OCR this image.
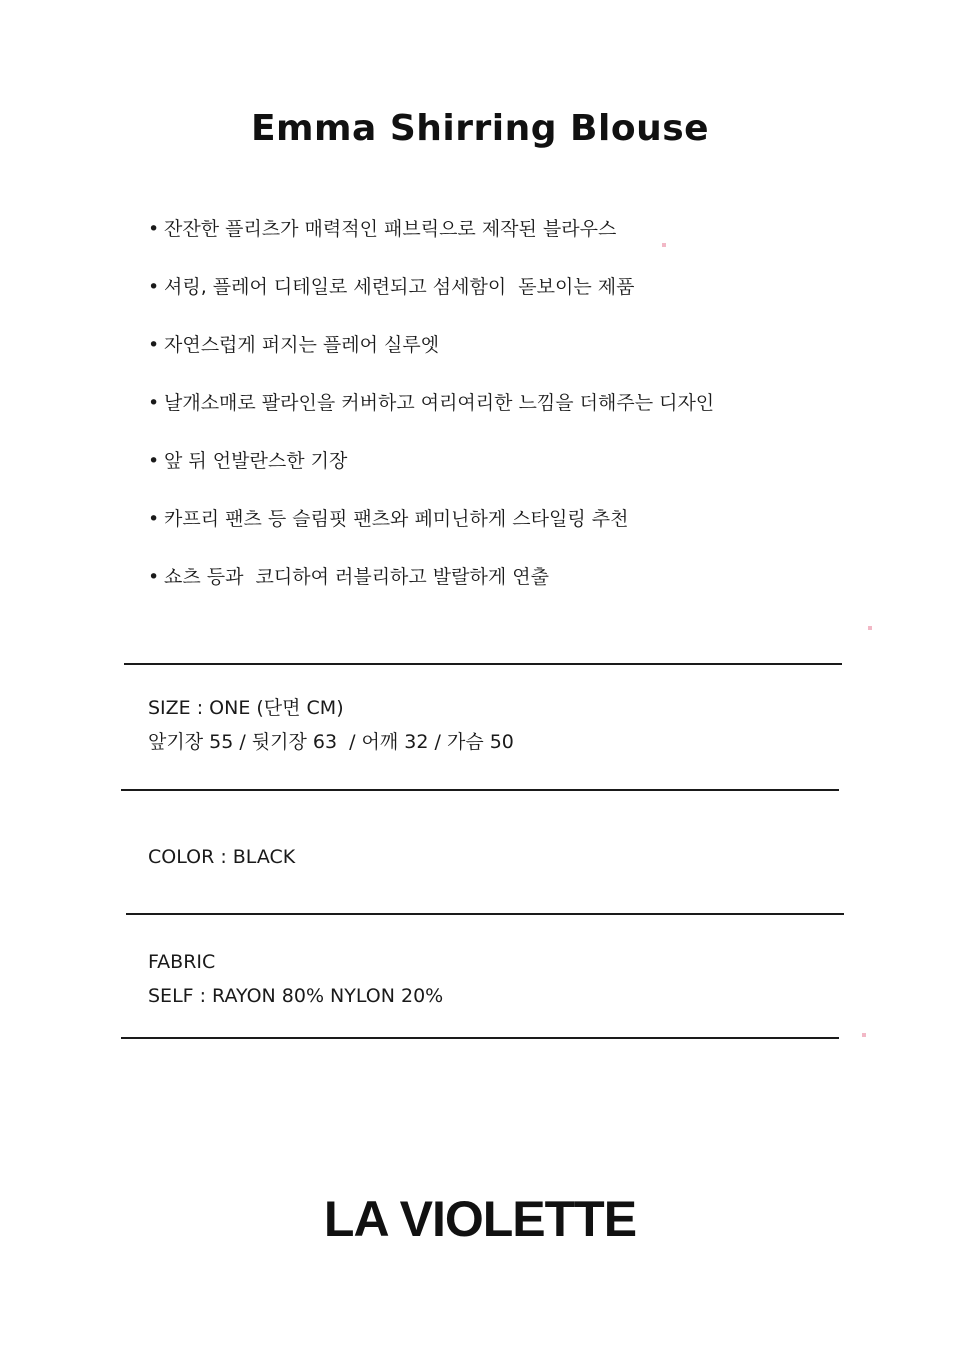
Emma Shirring Blouse
• 잔잔한 플리츠가 매력적인 패브릭으로 제작된 블라우스
• 셔링, 플레어 디테일로 세련되고 섬세함이  돋보이는 제품
• 자연스럽게 퍼지는 플레어 실루엣
• 날개소매로 팔라인을 커버하고 여리여리한 느낌을 더해주는 디자인
• 앞 뒤 언발란스한 기장
• 카프리 팬츠 등 슬림핏 팬츠와 페미닌하게 스타일링 추천
• 쇼츠 등과  코디하여 러블리하고 발랄하게 연출
SIZE : ONE (단면 CM)
앞기장 55 / 뒷기장 63  / 어깨 32 / 가슴 50
COLOR : BLACK
FABRIC
SELF : RAYON 80% NYLON 20%
LA VIOLETTE
